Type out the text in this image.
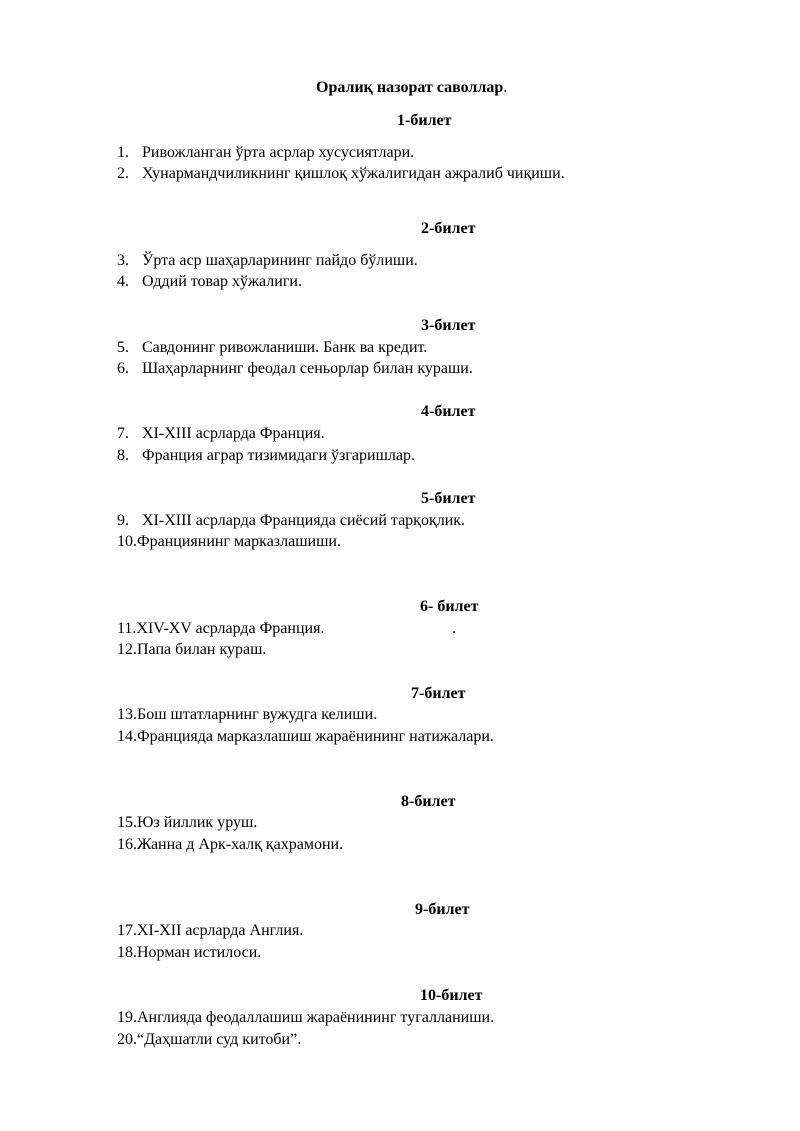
Оралиқ назорат саволлар.
1-билет
1. Ривожланган ўрта асрлар хусусиятлари.
2. Хунармандчиликнинг қишлоқ хўжалигидан ажралиб чиқиши.
2-билет
3. Ўрта аср шаҳарларининг пайдо бўлиши.
4. Оддий товар хўжалиги.
3-билет
5. Савдонинг ривожланиши. Банк ва кредит.
6. Шаҳарларнинг феодал сеньорлар билан кураши.
4-билет
7. XI-XIII асрларда Франция.
8. Франция аграр тизимидаги ўзгаришлар.
5-билет
9. XI-XIII асрларда Францияда сиёсий тарқоқлик.
10.Франциянинг марказлашиши.
6- билет
11.XIV-XV асрларда Франция.	.
12.Папа билан кураш.
7-билет
13.Бош штатларнинг вужудга келиши.
14.Францияда марказлашиш жараёнининг натижалари.
8-билет
15.Юз йиллик уруш.
16.Жанна д Арк-халқ қахрамони.
9-билет
17.XI-XII асрларда Англия.
18.Норман истилоси.
10-билет
19.Англияда феодаллашиш жараёнининг тугалланиши.
20.“Даҳшатли суд китоби”.
